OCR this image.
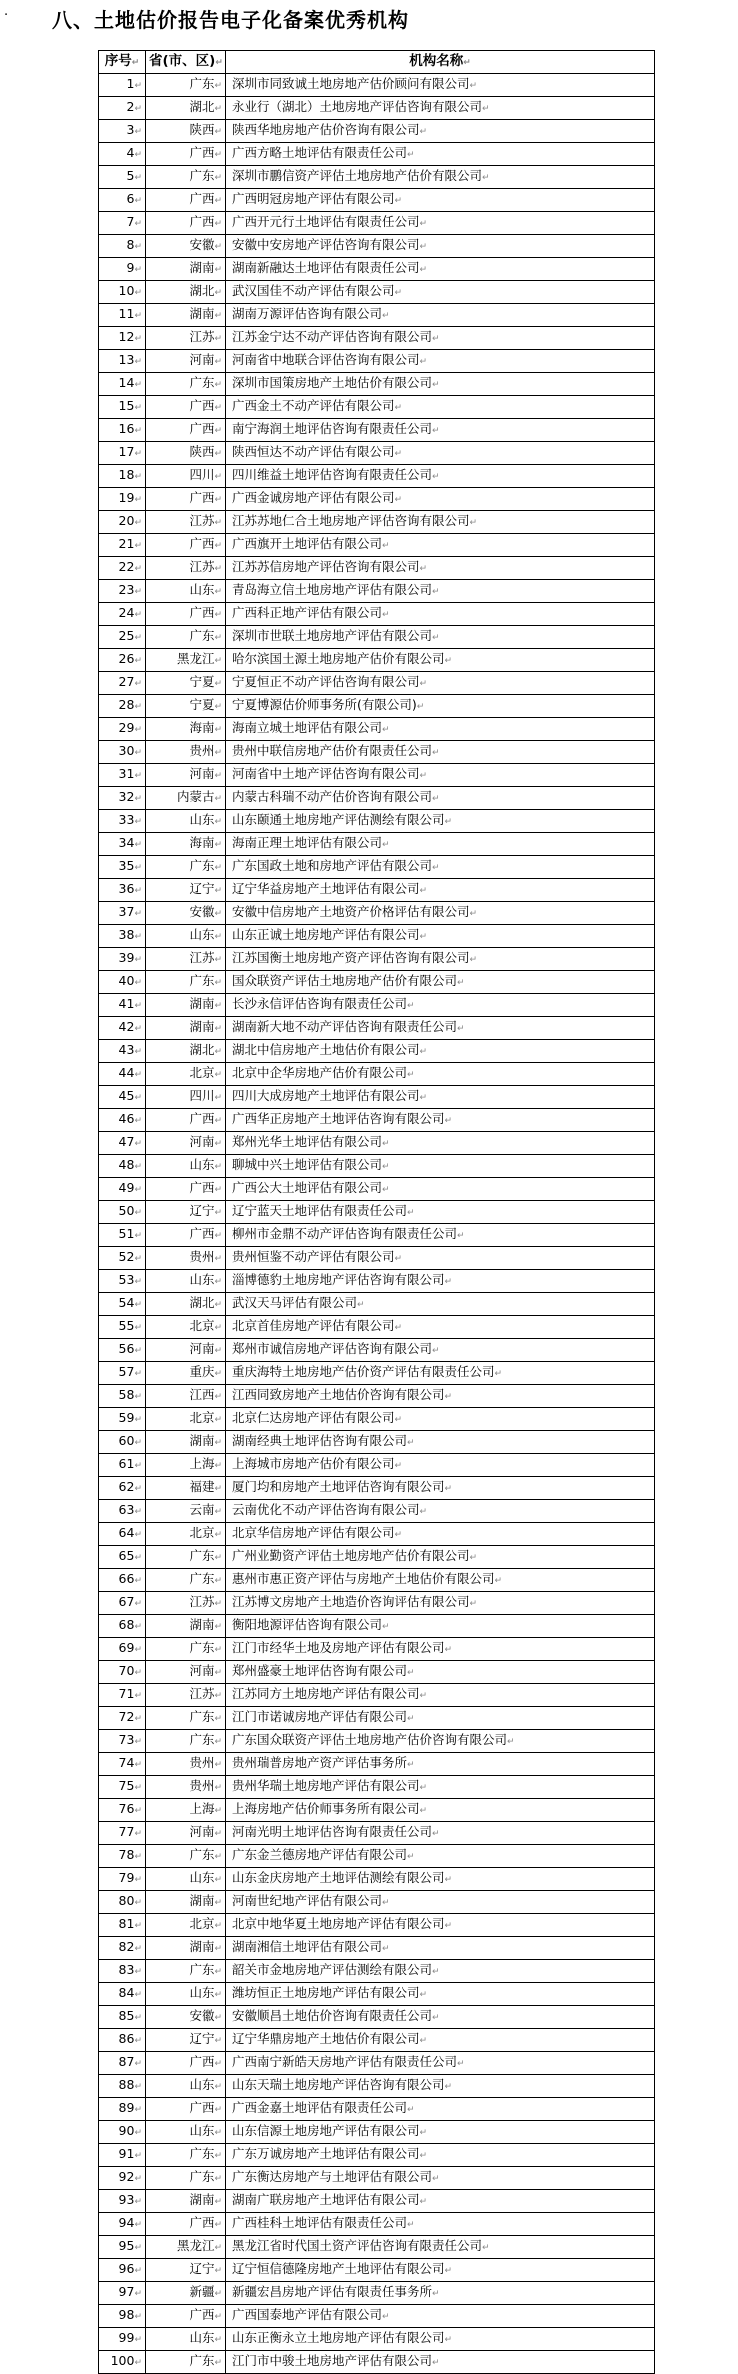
· 八、土地估价报告电子化备案优秀机构
序号↵	省(市、区)↵	机构名称↵
1↵	广东↵	深圳市同致诚土地房地产估价顾问有限公司↵
2↵	湖北↵	永业行（湖北）土地房地产评估咨询有限公司↵
3↵	陕西↵	陕西华地房地产估价咨询有限公司↵
4↵	广西↵	广西方略土地评估有限责任公司↵
5↵	广东↵	深圳市鹏信资产评估土地房地产估价有限公司↵
6↵	广西↵	广西明冠房地产评估有限公司↵
7↵	广西↵	广西开元行土地评估有限责任公司↵
8↵	安徽↵	安徽中安房地产评估咨询有限公司↵
9↵	湖南↵	湖南新融达土地评估有限责任公司↵
10↵	湖北↵	武汉国佳不动产评估有限公司↵
11↵	湖南↵	湖南万源评估咨询有限公司↵
12↵	江苏↵	江苏金宁达不动产评估咨询有限公司↵
13↵	河南↵	河南省中地联合评估咨询有限公司↵
14↵	广东↵	深圳市国策房地产土地估价有限公司↵
15↵	广西↵	广西金土不动产评估有限公司↵
16↵	广西↵	南宁海润土地评估咨询有限责任公司↵
17↵	陕西↵	陕西恒达不动产评估有限公司↵
18↵	四川↵	四川维益土地评估咨询有限责任公司↵
19↵	广西↵	广西金诚房地产评估有限公司↵
20↵	江苏↵	江苏苏地仁合土地房地产评估咨询有限公司↵
21↵	广西↵	广西旗开土地评估有限公司↵
22↵	江苏↵	江苏苏信房地产评估咨询有限公司↵
23↵	山东↵	青岛海立信土地房地产评估有限公司↵
24↵	广西↵	广西科正地产评估有限公司↵
25↵	广东↵	深圳市世联土地房地产评估有限公司↵
26↵	黑龙江↵	哈尔滨国土源土地房地产估价有限公司↵
27↵	宁夏↵	宁夏恒正不动产评估咨询有限公司↵
28↵	宁夏↵	宁夏博源估价师事务所(有限公司)↵
29↵	海南↵	海南立城土地评估有限公司↵
30↵	贵州↵	贵州中联信房地产估价有限责任公司↵
31↵	河南↵	河南省中土地产评估咨询有限公司↵
32↵	内蒙古↵	内蒙古科瑞不动产估价咨询有限公司↵
33↵	山东↵	山东颐通土地房地产评估测绘有限公司↵
34↵	海南↵	海南正理土地评估有限公司↵
35↵	广东↵	广东国政土地和房地产评估有限公司↵
36↵	辽宁↵	辽宁华益房地产土地评估有限公司↵
37↵	安徽↵	安徽中信房地产土地资产价格评估有限公司↵
38↵	山东↵	山东正诚土地房地产评估有限公司↵
39↵	江苏↵	江苏国衡土地房地产资产评估咨询有限公司↵
40↵	广东↵	国众联资产评估土地房地产估价有限公司↵
41↵	湖南↵	长沙永信评估咨询有限责任公司↵
42↵	湖南↵	湖南新大地不动产评估咨询有限责任公司↵
43↵	湖北↵	湖北中信房地产土地估价有限公司↵
44↵	北京↵	北京中企华房地产估价有限公司↵
45↵	四川↵	四川大成房地产土地评估有限公司↵
46↵	广西↵	广西华正房地产土地评估咨询有限公司↵
47↵	河南↵	郑州光华土地评估有限公司↵
48↵	山东↵	聊城中兴土地评估有限公司↵
49↵	广西↵	广西公大土地评估有限公司↵
50↵	辽宁↵	辽宁蓝天土地评估有限责任公司↵
51↵	广西↵	柳州市金鼎不动产评估咨询有限责任公司↵
52↵	贵州↵	贵州恒鉴不动产评估有限公司↵
53↵	山东↵	淄博德豹土地房地产评估咨询有限公司↵
54↵	湖北↵	武汉天马评估有限公司↵
55↵	北京↵	北京首佳房地产评估有限公司↵
56↵	河南↵	郑州市诚信房地产评估咨询有限公司↵
57↵	重庆↵	重庆海特土地房地产估价资产评估有限责任公司↵
58↵	江西↵	江西同致房地产土地估价咨询有限公司↵
59↵	北京↵	北京仁达房地产评估有限公司↵
60↵	湖南↵	湖南经典土地评估咨询有限公司↵
61↵	上海↵	上海城市房地产估价有限公司↵
62↵	福建↵	厦门均和房地产土地评估咨询有限公司↵
63↵	云南↵	云南优化不动产评估咨询有限公司↵
64↵	北京↵	北京华信房地产评估有限公司↵
65↵	广东↵	广州业勤资产评估土地房地产估价有限公司↵
66↵	广东↵	惠州市惠正资产评估与房地产土地估价有限公司↵
67↵	江苏↵	江苏博文房地产土地造价咨询评估有限公司↵
68↵	湖南↵	衡阳地源评估咨询有限公司↵
69↵	广东↵	江门市经华土地及房地产评估有限公司↵
70↵	河南↵	郑州盛豪土地评估咨询有限公司↵
71↵	江苏↵	江苏同方土地房地产评估有限公司↵
72↵	广东↵	江门市诺诚房地产评估有限公司↵
73↵	广东↵	广东国众联资产评估土地房地产估价咨询有限公司↵
74↵	贵州↵	贵州瑞普房地产资产评估事务所↵
75↵	贵州↵	贵州华瑞土地房地产评估有限公司↵
76↵	上海↵	上海房地产估价师事务所有限公司↵
77↵	河南↵	河南光明土地评估咨询有限责任公司↵
78↵	广东↵	广东金兰德房地产评估有限公司↵
79↵	山东↵	山东金庆房地产土地评估测绘有限公司↵
80↵	湖南↵	河南世纪地产评估有限公司↵
81↵	北京↵	北京中地华夏土地房地产评估有限公司↵
82↵	湖南↵	湖南湘信土地评估有限公司↵
83↵	广东↵	韶关市金地房地产评估测绘有限公司↵
84↵	山东↵	潍坊恒正土地房地产评估有限公司↵
85↵	安徽↵	安徽顺昌土地估价咨询有限责任公司↵
86↵	辽宁↵	辽宁华鼎房地产土地估价有限公司↵
87↵	广西↵	广西南宁新皓天房地产评估有限责任公司↵
88↵	山东↵	山东天瑞土地房地产评估咨询有限公司↵
89↵	广西↵	广西金嘉土地评估有限责任公司↵
90↵	山东↵	山东信源土地房地产评估有限公司↵
91↵	广东↵	广东万诚房地产土地评估有限公司↵
92↵	广东↵	广东衡达房地产与土地评估有限公司↵
93↵	湖南↵	湖南广联房地产土地评估有限公司↵
94↵	广西↵	广西桂科土地评估有限责任公司↵
95↵	黑龙江↵	黑龙江省时代国土资产评估咨询有限责任公司↵
96↵	辽宁↵	辽宁恒信德隆房地产土地评估有限公司↵
97↵	新疆↵	新疆宏昌房地产评估有限责任事务所↵
98↵	广西↵	广西国泰地产评估有限公司↵
99↵	山东↵	山东正衡永立土地房地产评估有限公司↵
100↵	广东↵	江门市中骏土地房地产评估有限公司↵
